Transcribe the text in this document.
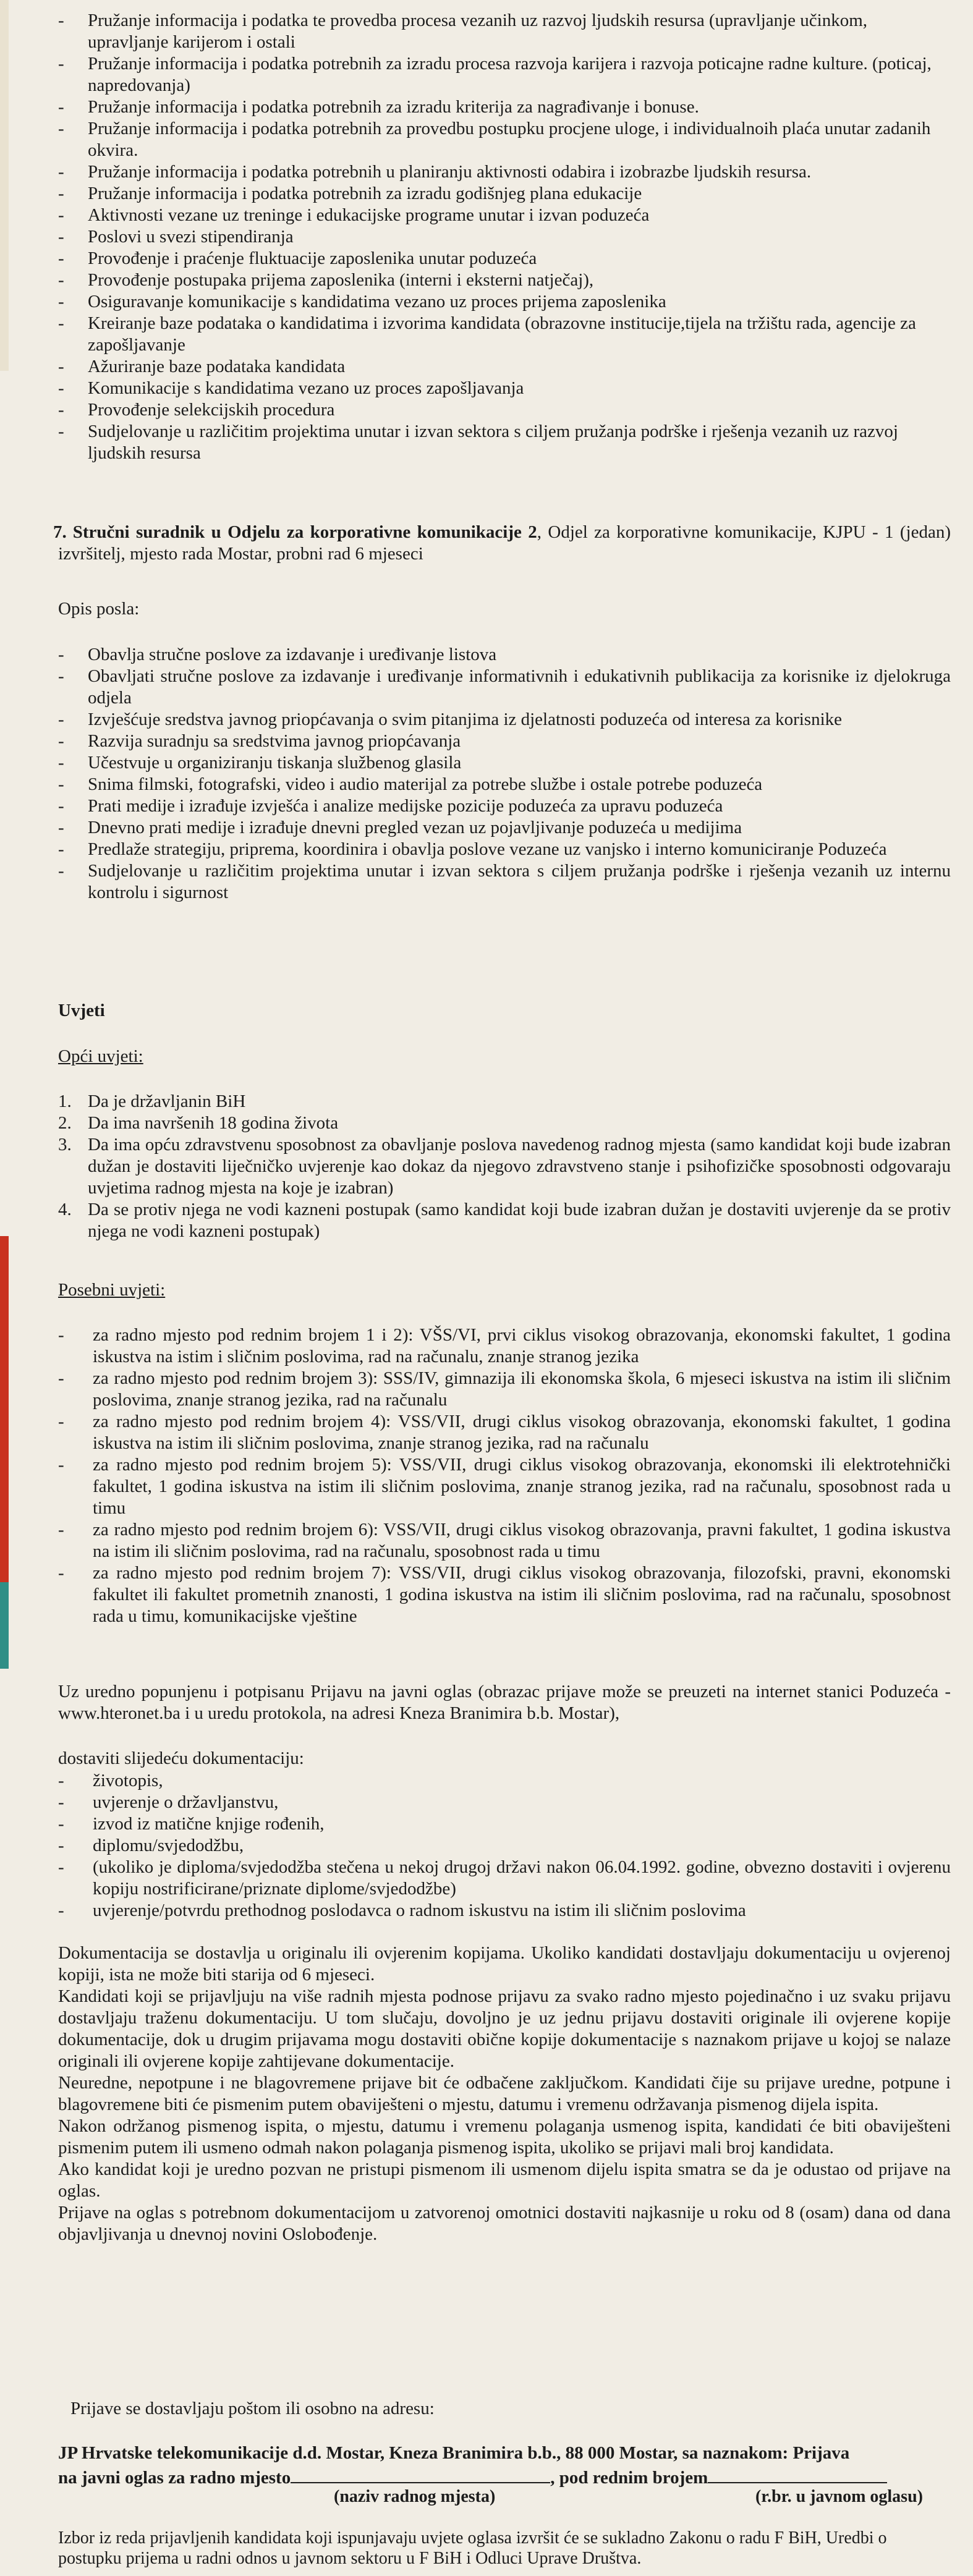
- Pružanje informacija i podatka te provedba procesa vezanih uz razvoj ljudskih resursa (upravljanje učinkom, upravljanje karijerom i ostali
- Pružanje informacija i podatka potrebnih za izradu procesa razvoja karijera i razvoja poticajne radne kulture. (poticaj, napredovanja)
- Pružanje informacija i podatka potrebnih za izradu kriterija za nagrađivanje i bonuse.
- Pružanje informacija i podatka potrebnih za provedbu postupku procjene uloge, i individualnoih plaća unutar zadanih okvira.
- Pružanje informacija i podatka potrebnih u planiranju aktivnosti odabira i izobrazbe ljudskih resursa.
- Pružanje informacija i podatka potrebnih za izradu godišnjeg plana edukacije
- Aktivnosti vezane uz treninge i edukacijske programe unutar i izvan poduzeća
- Poslovi u svezi stipendiranja
- Provođenje i praćenje fluktuacije zaposlenika unutar poduzeća
- Provođenje postupaka prijema zaposlenika (interni i eksterni natječaj),
- Osiguravanje komunikacije s kandidatima vezano uz proces prijema zaposlenika
- Kreiranje baze podataka o kandidatima i izvorima kandidata (obrazovne institucije,tijela na tržištu rada, agencije za zapošljavanje
- Ažuriranje baze podataka kandidata
- Komunikacije s kandidatima vezano uz proces zapošljavanja
- Provođenje selekcijskih procedura
- Sudjelovanje u različitim projektima unutar i izvan sektora s ciljem pružanja podrške i rješenja vezanih uz razvoj ljudskih resursa

7. Stručni suradnik u Odjelu za korporativne komunikacije 2, Odjel za korporativne komunikacije, KJPU - 1 (jedan) izvršitelj, mjesto rada Mostar, probni rad 6 mjeseci

Opis posla:

- Obavlja stručne poslove za izdavanje i uređivanje listova
- Obavljati stručne poslove za izdavanje i uređivanje informativnih i edukativnih publikacija za korisnike iz djelokruga odjela
- Izvješćuje sredstva javnog priopćavanja o svim pitanjima iz djelatnosti poduzeća od interesa za korisnike
- Razvija suradnju sa sredstvima javnog priopćavanja
- Učestvuje u organiziranju tiskanja službenog glasila
- Snima filmski, fotografski, video i audio materijal za potrebe službe i ostale potrebe poduzeća
- Prati medije i izrađuje izvješća i analize medijske pozicije poduzeća za upravu poduzeća
- Dnevno prati medije i izrađuje dnevni pregled vezan uz pojavljivanje poduzeća u medijima
- Predlaže strategiju, priprema, koordinira i obavlja poslove vezane uz vanjsko i interno komuniciranje Poduzeća
- Sudjelovanje u različitim projektima unutar i izvan sektora s ciljem pružanja podrške i rješenja vezanih uz internu kontrolu i sigurnost

Uvjeti

Opći uvjeti:

1. Da je državljanin BiH
2. Da ima navršenih 18 godina života
3. Da ima opću zdravstvenu sposobnost za obavljanje poslova navedenog radnog mjesta (samo kandidat koji bude izabran dužan je dostaviti liječničko uvjerenje kao dokaz da njegovo zdravstveno stanje i psihofizičke sposobnosti odgovaraju uvjetima radnog mjesta na koje je izabran)
4. Da se protiv njega ne vodi kazneni postupak (samo kandidat koji bude izabran dužan je dostaviti uvjerenje da se protiv njega ne vodi kazneni postupak)

Posebni uvjeti:

- za radno mjesto pod rednim brojem 1 i 2): VŠS/VI, prvi ciklus visokog obrazovanja, ekonomski fakultet, 1 godina iskustva na istim i sličnim poslovima, rad na računalu, znanje stranog jezika
- za radno mjesto pod rednim brojem 3): SSS/IV, gimnazija ili ekonomska škola, 6 mjeseci iskustva na istim ili sličnim poslovima, znanje stranog jezika, rad na računalu
- za radno mjesto pod rednim brojem 4): VSS/VII, drugi ciklus visokog obrazovanja, ekonomski fakultet, 1 godina iskustva na istim ili sličnim poslovima, znanje stranog jezika, rad na računalu
- za radno mjesto pod rednim brojem 5): VSS/VII, drugi ciklus visokog obrazovanja, ekonomski ili elektrotehnički fakultet, 1 godina iskustva na istim ili sličnim poslovima, znanje stranog jezika, rad na računalu, sposobnost rada u timu
- za radno mjesto pod rednim brojem 6): VSS/VII, drugi ciklus visokog obrazovanja, pravni fakultet, 1 godina iskustva na istim ili sličnim poslovima, rad na računalu, sposobnost rada u timu
- za radno mjesto pod rednim brojem 7): VSS/VII, drugi ciklus visokog obrazovanja, filozofski, pravni, ekonomski fakultet ili fakultet prometnih znanosti, 1 godina iskustva na istim ili sličnim poslovima, rad na računalu, sposobnost rada u timu, komunikacijske vještine

Uz uredno popunjenu i potpisanu Prijavu na javni oglas (obrazac prijave može se preuzeti na internet stanici Poduzeća - www.hteronet.ba i u uredu protokola, na adresi Kneza Branimira b.b. Mostar),

dostaviti slijedeću dokumentaciju:

- životopis,
- uvjerenje o državljanstvu,
- izvod iz matične knjige rođenih,
- diplomu/svjedodžbu,
- (ukoliko je diploma/svjedodžba stečena u nekoj drugoj državi nakon 06.04.1992. godine, obvezno dostaviti i ovjerenu kopiju nostrificirane/priznate diplome/svjedodžbe)
- uvjerenje/potvrdu prethodnog poslodavca o radnom iskustvu na istim ili sličnim poslovima

Dokumentacija se dostavlja u originalu ili ovjerenim kopijama. Ukoliko kandidati dostavljaju dokumentaciju u ovjerenoj kopiji, ista ne može biti starija od 6 mjeseci.

Kandidati koji se prijavljuju na više radnih mjesta podnose prijavu za svako radno mjesto pojedinačno i uz svaku prijavu dostavljaju traženu dokumentaciju. U tom slučaju, dovoljno je uz jednu prijavu dostaviti originale ili ovjerene kopije dokumentacije, dok u drugim prijavama mogu dostaviti obične kopije dokumentacije s naznakom prijave u kojoj se nalaze originali ili ovjerene kopije zahtijevane dokumentacije.

Neuredne, nepotpune i ne blagovremene prijave bit će odbačene zaključkom. Kandidati čije su prijave uredne, potpune i blagovremene biti će pismenim putem obaviješteni o mjestu, datumu i vremenu održavanja pismenog dijela ispita.

Nakon održanog pismenog ispita, o mjestu, datumu i vremenu polaganja usmenog ispita, kandidati će biti obaviješteni pismenim putem ili usmeno odmah nakon polaganja pismenog ispita, ukoliko se prijavi mali broj kandidata.

Ako kandidat koji je uredno pozvan ne pristupi pismenom ili usmenom dijelu ispita smatra se da je odustao od prijave na oglas.

Prijave na oglas s potrebnom dokumentacijom u zatvorenoj omotnici dostaviti najkasnije u roku od 8 (osam) dana od dana objavljivanja u dnevnoj novini Oslobođenje.

Prijave se dostavljaju poštom ili osobno na adresu:

JP Hrvatske telekomunikacije d.d. Mostar, Kneza Branimira b.b., 88 000 Mostar, sa naznakom: Prijava

na javni oglas za radno mjesto	, pod rednim brojem

(naziv radnog mjesta)	(r.br. u javnom oglasu)

Izbor iz reda prijavljenih kandidata koji ispunjavaju uvjete oglasa izvršit će se sukladno Zakonu o radu F BiH, Uredbi o postupku prijema u radni odnos u javnom sektoru u F BiH i Odluci Uprave Društva.
